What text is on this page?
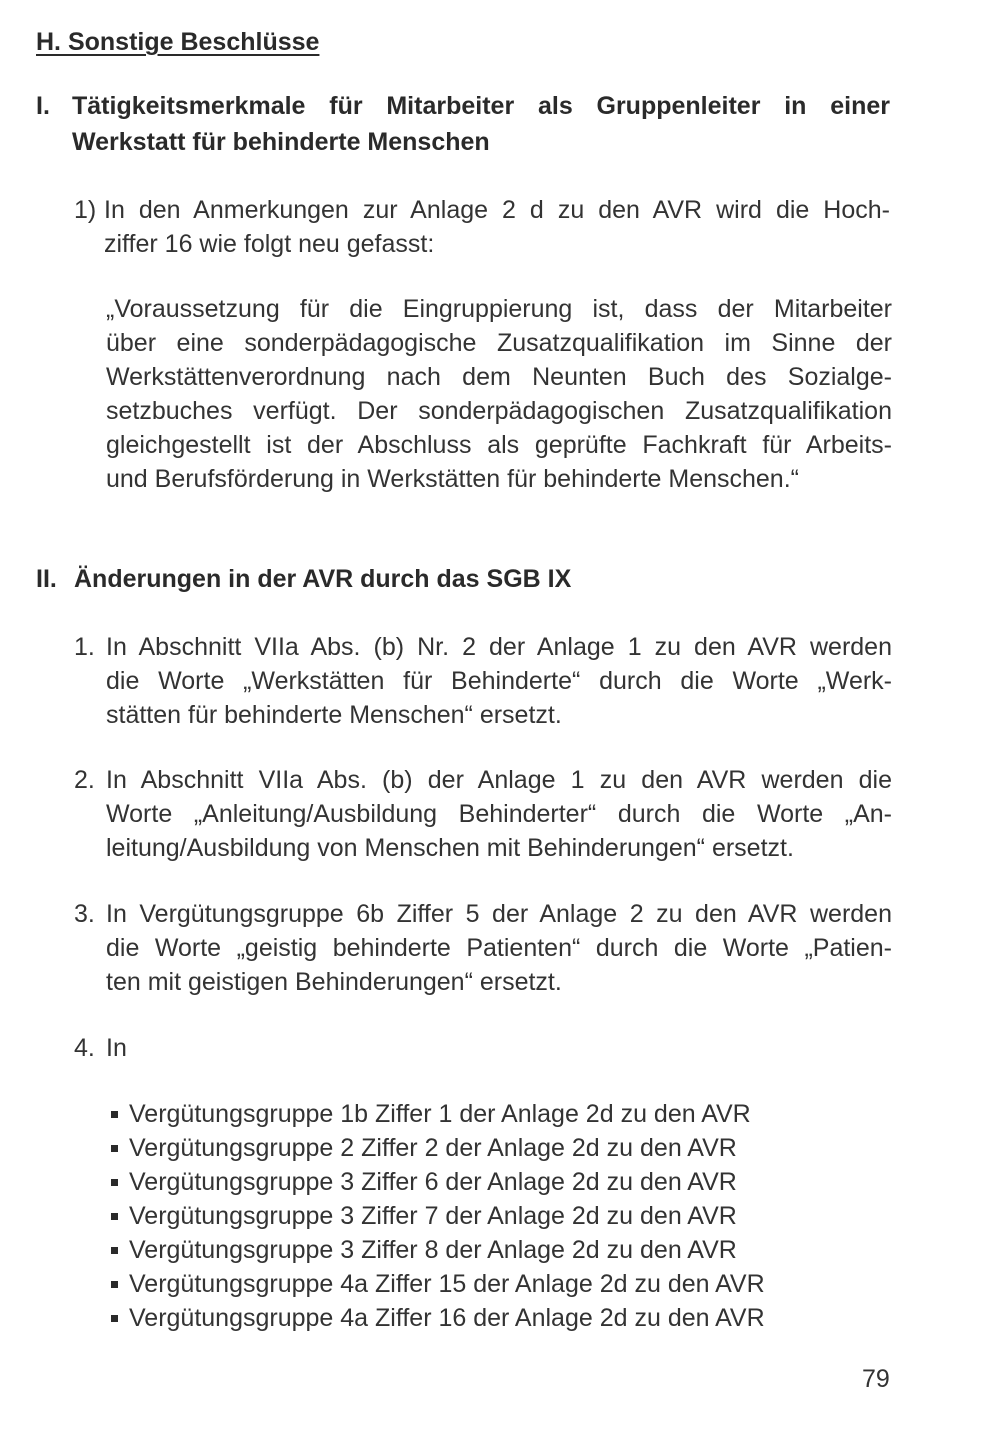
H. Sonstige Beschlüsse
I. Tätigkeitsmerkmale für Mitarbeiter als Gruppenleiter in einer
Werkstatt für behinderte Menschen
1) In den Anmerkungen zur Anlage 2 d zu den AVR wird die Hoch-
ziffer 16 wie folgt neu gefasst:
„Voraussetzung für die Eingruppierung ist, dass der Mitarbeiter
über eine sonderpädagogische Zusatzqualifikation im Sinne der
Werkstättenverordnung nach dem Neunten Buch des Sozialge-
setzbuches verfügt. Der sonderpädagogischen Zusatzqualifikation
gleichgestellt ist der Abschluss als geprüfte Fachkraft für Arbeits-
und Berufsförderung in Werkstätten für behinderte Menschen.“
II. Änderungen in der AVR durch das SGB IX
1. In Abschnitt VIIa Abs. (b) Nr. 2 der Anlage 1 zu den AVR werden
die Worte „Werkstätten für Behinderte“ durch die Worte „Werk-
stätten für behinderte Menschen“ ersetzt.
2. In Abschnitt VIIa Abs. (b) der Anlage 1 zu den AVR werden die
Worte „Anleitung/Ausbildung Behinderter“ durch die Worte „An-
leitung/Ausbildung von Menschen mit Behinderungen“ ersetzt.
3. In Vergütungsgruppe 6b Ziffer 5 der Anlage 2 zu den AVR werden
die Worte „geistig behinderte Patienten“ durch die Worte „Patien-
ten mit geistigen Behinderungen“ ersetzt.
4. In
Vergütungsgruppe 1b Ziffer 1 der Anlage 2d zu den AVR
Vergütungsgruppe 2 Ziffer 2 der Anlage 2d zu den AVR
Vergütungsgruppe 3 Ziffer 6 der Anlage 2d zu den AVR
Vergütungsgruppe 3 Ziffer 7 der Anlage 2d zu den AVR
Vergütungsgruppe 3 Ziffer 8 der Anlage 2d zu den AVR
Vergütungsgruppe 4a Ziffer 15 der Anlage 2d zu den AVR
Vergütungsgruppe 4a Ziffer 16 der Anlage 2d zu den AVR
79
